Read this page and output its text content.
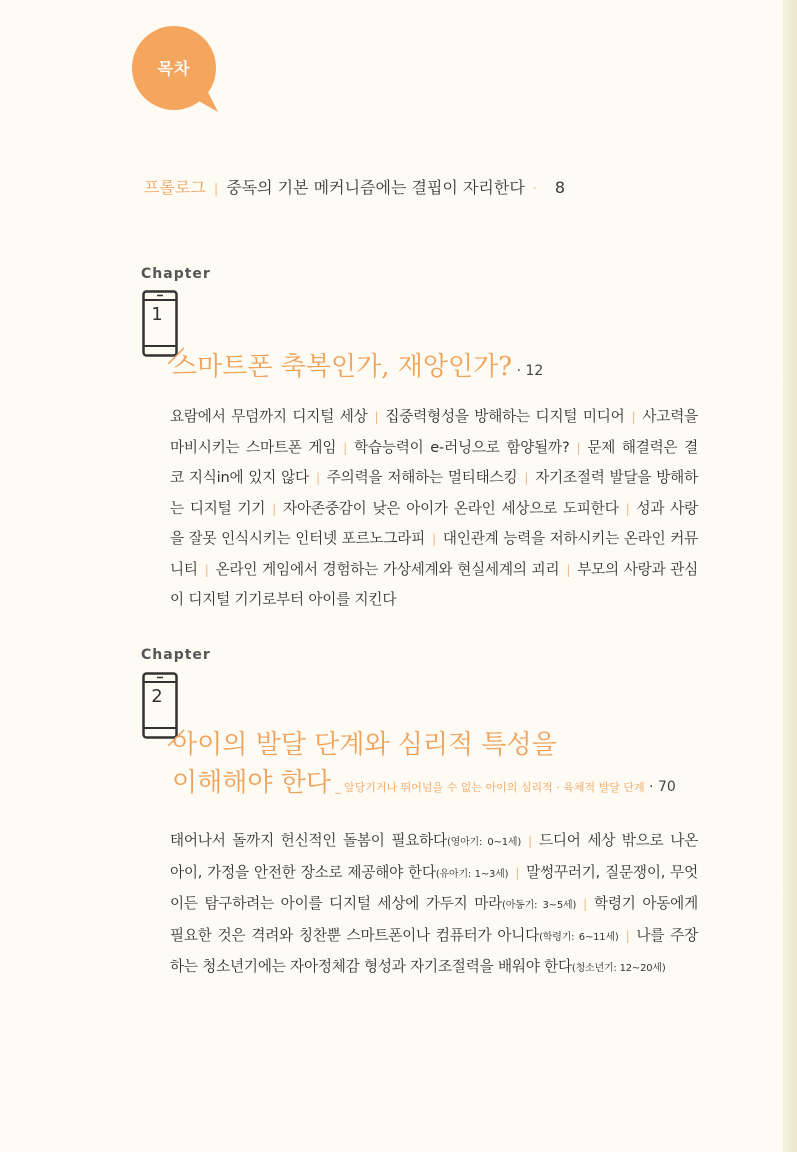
목차
프롤로그 | 중독의 기본 메커니즘에는 결핍이 자리한다 · 8
Chapter
1
스마트폰 축복인가, 재앙인가? · 12
요람에서 무덤까지 디지털 세상 | 집중력형성을 방해하는 디지털 미디어 | 사고력을 마비시키는 스마트폰 게임 | 학습능력이 e-러닝으로 함양될까? | 문제 해결력은 결코 지식in에 있지 않다 | 주의력을 저해하는 멀티태스킹 | 자기조절력 발달을 방해하는 디지털 기기 | 자아존중감이 낮은 아이가 온라인 세상으로 도피한다 | 성과 사랑을 잘못 인식시키는 인터넷 포르노그라피 | 대인관계 능력을 저하시키는 온라인 커뮤니티 | 온라인 게임에서 경험하는 가상세계와 현실세계의 괴리 | 부모의 사랑과 관심이 디지털 기기로부터 아이를 지킨다
Chapter
2
아이의 발달 단계와 심리적 특성을
이해해야 한다 _ 앞당기거나 뛰어넘을 수 없는 아이의 심리적 · 육체적 발달 단계 · 70
태어나서 돌까지 헌신적인 돌봄이 필요하다(영아기: 0~1세) | 드디어 세상 밖으로 나온 아이, 가정을 안전한 장소로 제공해야 한다(유아기: 1~3세) | 말썽꾸러기, 질문쟁이, 무엇이든 탐구하려는 아이를 디지털 세상에 가두지 마라(아동기: 3~5세) | 학령기 아동에게 필요한 것은 격려와 칭찬뿐 스마트폰이나 컴퓨터가 아니다(학령기: 6~11세) | 나를 주장하는 청소년기에는 자아정체감 형성과 자기조절력을 배워야 한다(청소년기: 12~20세)
